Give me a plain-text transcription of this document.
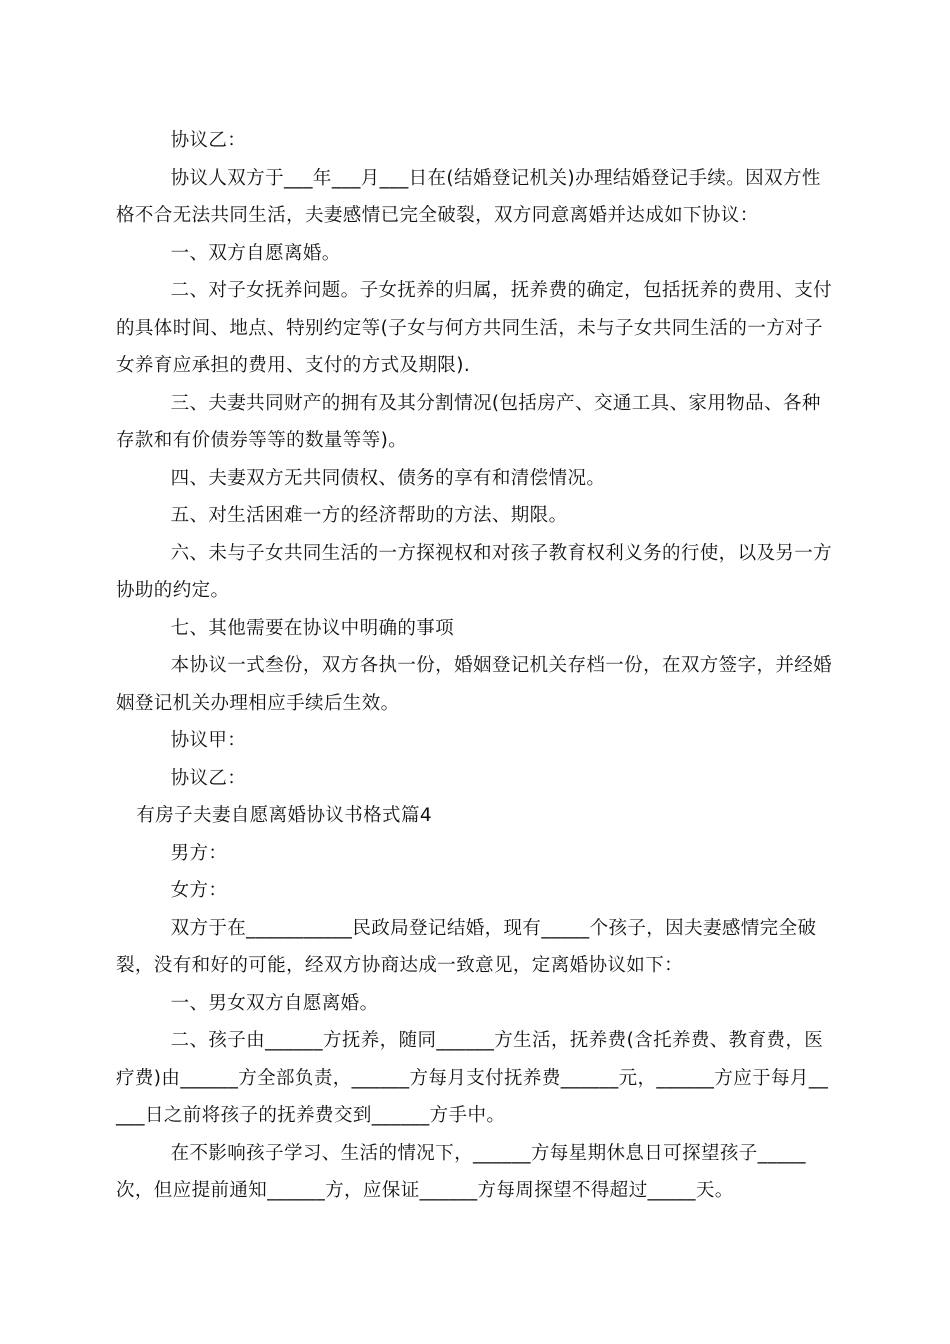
协议乙：

协议人双方于___年___月___日在(结婚登记机关)办理结婚登记手续。因双方性格不合无法共同生活，夫妻感情已完全破裂，双方同意离婚并达成如下协议：

一、双方自愿离婚。

二、对子女抚养问题。子女抚养的归属，抚养费的确定，包括抚养的费用、支付的具体时间、地点、特别约定等(子女与何方共同生活，未与子女共同生活的一方对子女养育应承担的费用、支付的方式及期限).

三、夫妻共同财产的拥有及其分割情况(包括房产、交通工具、家用物品、各种存款和有价债券等等的数量等等)。

四、夫妻双方无共同债权、债务的享有和清偿情况。

五、对生活困难一方的经济帮助的方法、期限。

六、未与子女共同生活的一方探视权和对孩子教育权利义务的行使，以及另一方协助的约定。

七、其他需要在协议中明确的事项

本协议一式叁份，双方各执一份，婚姻登记机关存档一份，在双方签字，并经婚姻登记机关办理相应手续后生效。

协议甲：

协议乙：

有房子夫妻自愿离婚协议书格式篇4

男方：

女方：

双方于在___________民政局登记结婚，现有_____个孩子，因夫妻感情完全破裂，没有和好的可能，经双方协商达成一致意见，定离婚协议如下：

一、男女双方自愿离婚。

二、孩子由______方抚养，随同______方生活，抚养费(含托养费、教育费，医疗费)由______方全部负责，______方每月支付抚养费______元，______方应于每月_____日之前将孩子的抚养费交到______方手中。

在不影响孩子学习、生活的情况下，______方每星期休息日可探望孩子_____次，但应提前通知______方，应保证______方每周探望不得超过_____天。
